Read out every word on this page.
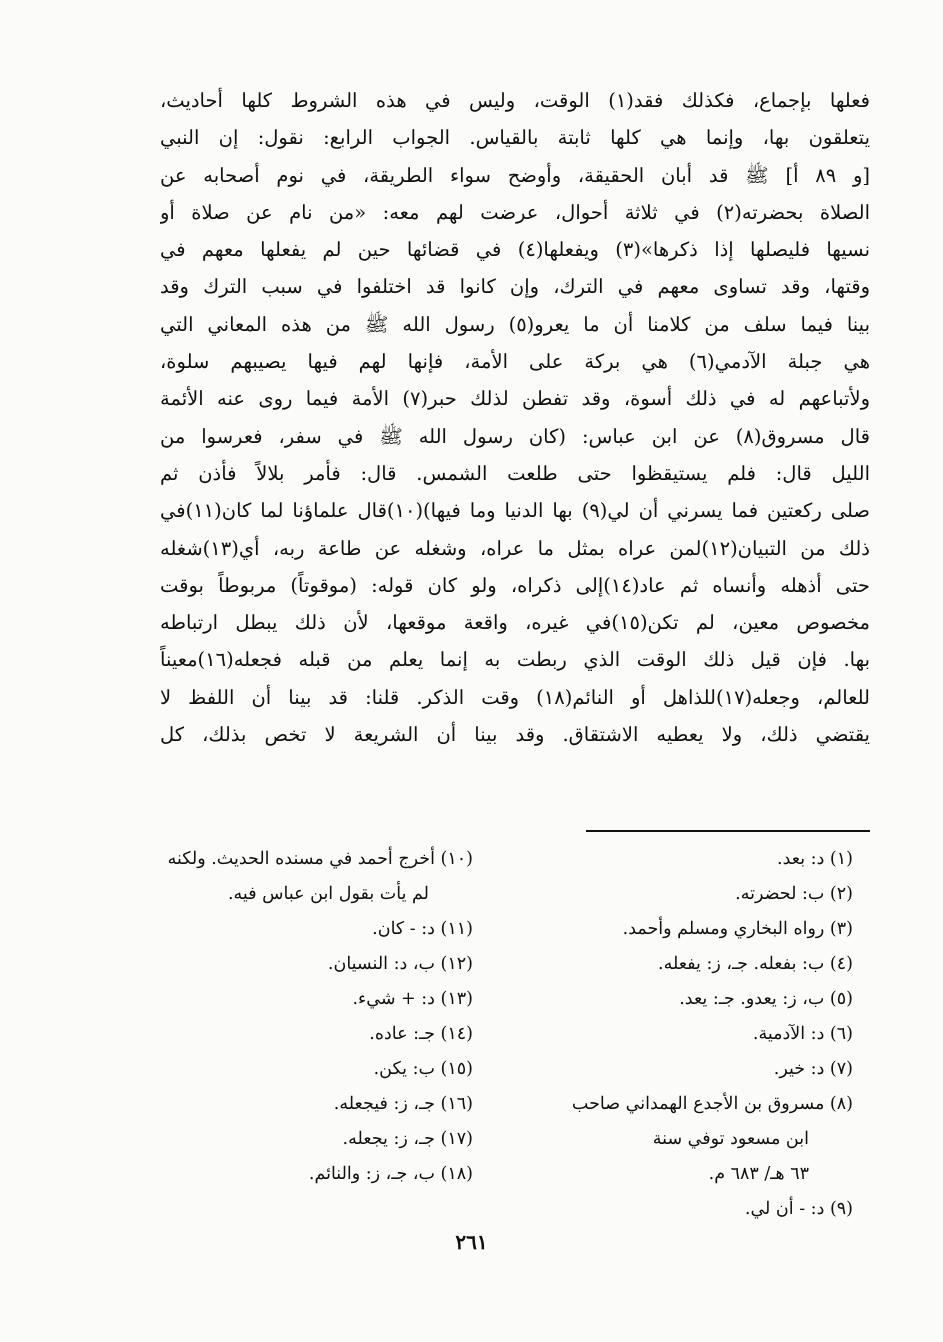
فعلها بإجماع، فكذلك فقد(١) الوقت، وليس في هذه الشروط كلها أحاديث،
يتعلقون بها، وإنما هي كلها ثابتة بالقياس. الجواب الرابع: نقول: إن النبي
[و ٨٩ أ] ﷺ قد أبان الحقيقة، وأوضح سواء الطريقة، في نوم أصحابه عن
الصلاة بحضرته(٢) في ثلاثة أحوال، عرضت لهم معه: «من نام عن صلاة أو
نسيها فليصلها إذا ذكرها»(٣) ويفعلها(٤) في قضائها حين لم يفعلها معهم في
وقتها، وقد تساوى معهم في الترك، وإن كانوا قد اختلفوا في سبب الترك وقد
بينا فيما سلف من كلامنا أن ما يعرو(٥) رسول الله ﷺ من هذه المعاني التي
هي جبلة الآدمي(٦) هي بركة على الأمة، فإنها لهم فيها يصيبهم سلوة،
ولأتباعهم له في ذلك أسوة، وقد تفطن لذلك حبر(٧) الأمة فيما روى عنه الأئمة
قال مسروق(٨) عن ابن عباس: (كان رسول الله ﷺ في سفر، فعرسوا من
الليل قال: فلم يستيقظوا حتى طلعت الشمس. قال: فأمر بلالاً فأذن ثم
صلى ركعتين فما يسرني أن لي(٩) بها الدنيا وما فيها)(١٠)قال علماؤنا لما كان(١١)في
ذلك من التبيان(١٢)لمن عراه بمثل ما عراه، وشغله عن طاعة ربه، أي(١٣)شغله
حتى أذهله وأنساه ثم عاد(١٤)إلى ذكراه، ولو كان قوله: (موقوتاً) مربوطاً بوقت
مخصوص معين، لم تكن(١٥)في غيره، واقعة موقعها، لأن ذلك يبطل ارتباطه
بها. فإن قيل ذلك الوقت الذي ربطت به إنما يعلم من قبله فجعله(١٦)معيناً
للعالم، وجعله(١٧)للذاهل أو النائم(١٨) وقت الذكر. قلنا: قد بينا أن اللفظ لا
يقتضي ذلك، ولا يعطيه الاشتقاق. وقد بينا أن الشريعة لا تخص بذلك، كل
(١) د: بعد.
(٢) ب: لحضرته.
(٣) رواه البخاري ومسلم وأحمد.
(٤) ب: بفعله. جـ، ز: يفعله.
(٥) ب، ز: يعدو. جـ: يعد.
(٦) د: الآدمية.
(٧) د: خير.
(٨) مسروق بن الأجدع الهمداني صاحب
ابن مسعود توفي سنة
٦٣ هـ/ ٦٨٣ م.
(٩) د: - أن لي.
(١٠) أخرج أحمد في مسنده الحديث. ولكنه
لم يأت بقول ابن عباس فيه.
(١١) د: - كان.
(١٢) ب، د: النسيان.
(١٣) د: + شيء.
(١٤) جـ: عاده.
(١٥) ب: يكن.
(١٦) جـ، ز: فيجعله.
(١٧) جـ، ز: يجعله.
(١٨) ب، جـ، ز: والنائم.
٢٦١
